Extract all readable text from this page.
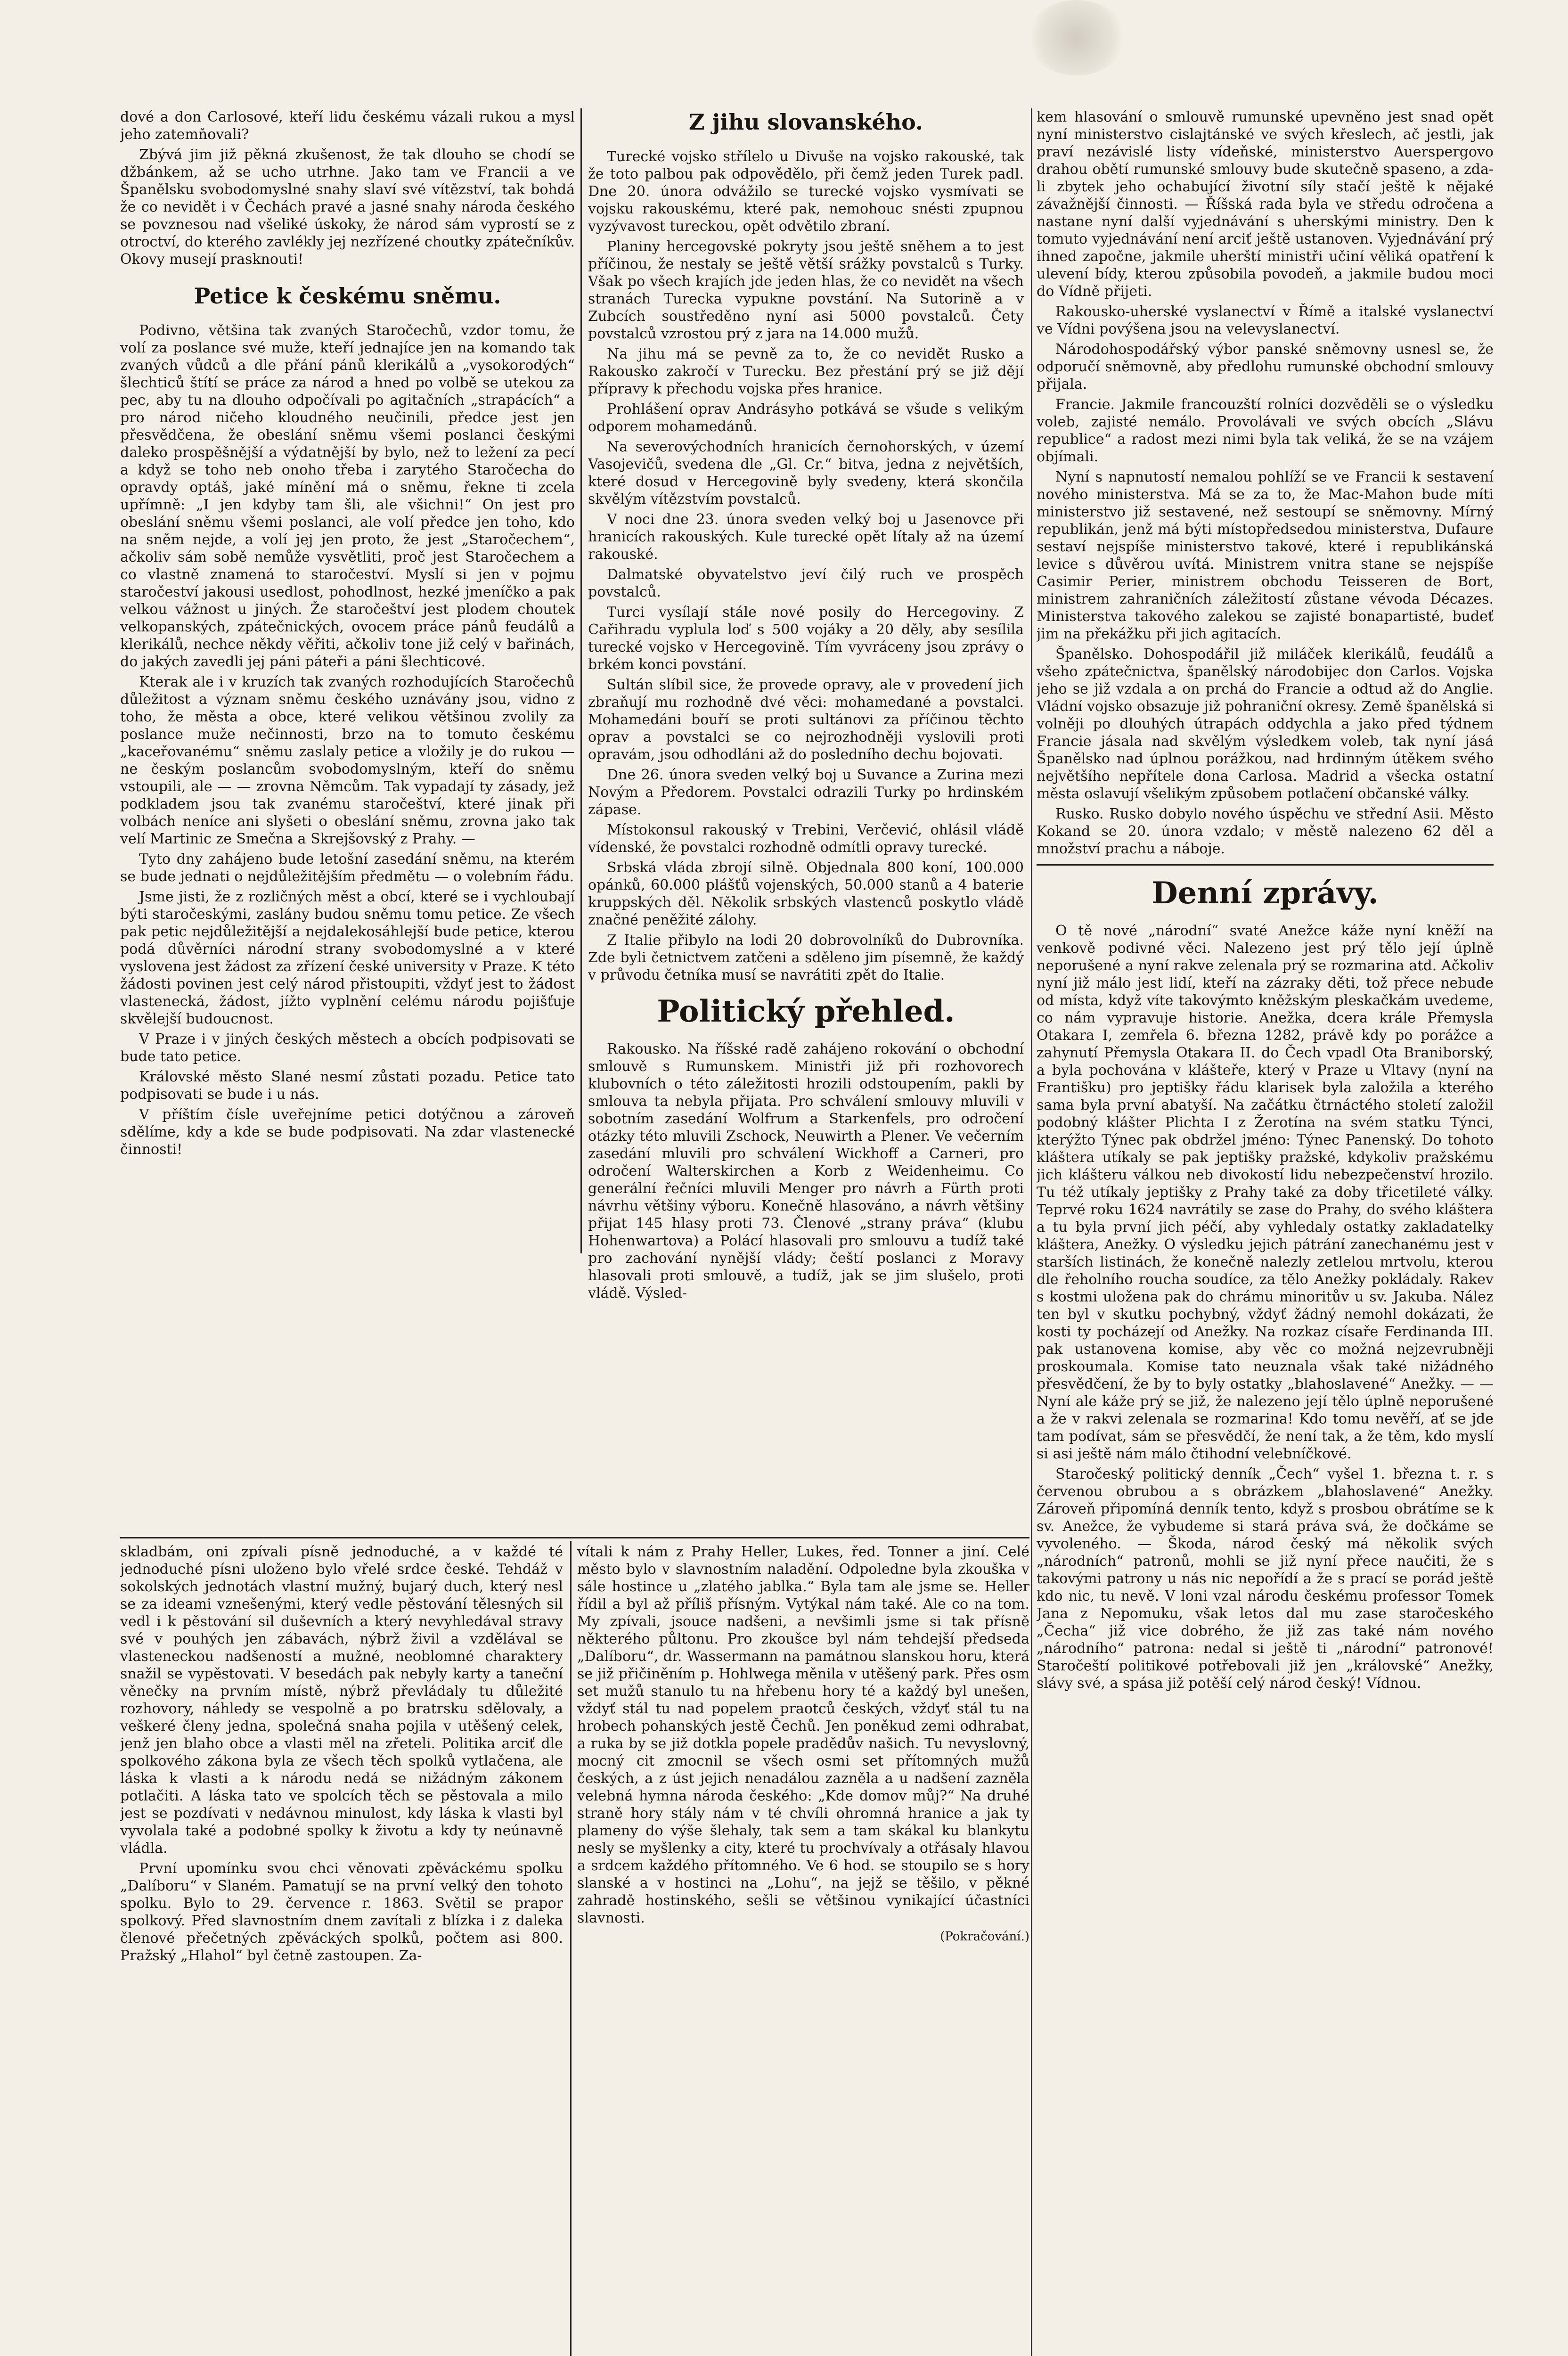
dové a don Carlosové, kteří lidu českému vázali rukou a mysl jeho zatemňovali?

Zbývá jim již pěkná zkušenost, že tak dlouho se chodí se džbánkem, až se ucho utrhne. Jako tam ve Francii a ve Španělsku svobodomyslné snahy slaví své vítězství, tak bohdá že co nevidět i v Čechách pravé a jasné snahy národa českého se povznesou nad všeliké úskoky, že národ sám vyprostí se z otroctví, do kterého zavlékly jej nezřízené choutky zpátečníkův. Okovy musejí prasknouti!

Petice k českému sněmu.

Podivno, většina tak zvaných Staročechů, vzdor tomu, že volí za poslance své muže, kteří jednajíce jen na komando tak zvaných vůdců a dle přání pánů klerikálů a „vysokorodých“ šlechticů štítí se práce za národ a hned po volbě se utekou za pec, aby tu na dlouho odpočívali po agitačních „strapácích“ a pro národ ničeho kloudného neučinili, předce jest jen přesvědčena, že obeslání sněmu všemi poslanci českými daleko prospěšnější a výdatnější by bylo, než to ležení za pecí a když se toho neb onoho třeba i zarytého Staročecha do opravdy optáš, jaké mínění má o sněmu, řekne ti zcela upřímně: „I jen kdyby tam šli, ale všichni!“ On jest pro obeslání sněmu všemi poslanci, ale volí předce jen toho, kdo na sněm nejde, a volí jej jen proto, že jest „Staročechem“, ačkoliv sám sobě nemůže vysvětliti, proč jest Staročechem a co vlastně znamená to staročeství. Myslí si jen v pojmu staročeství jakousi usedlost, pohodlnost, hezké jmeníčko a pak velkou vážnost u jiných. Že staročeštví jest plodem choutek velkopanských, zpátečnických, ovocem práce pánů feudálů a klerikálů, nechce někdy věřiti, ačkoliv tone již celý v bařinách, do jakých zavedli jej páni páteři a páni šlechticové.

Kterak ale i v kruzích tak zvaných rozhodujících Staročechů důležitost a význam sněmu českého uznávány jsou, vidno z toho, že města a obce, které velikou většinou zvolily za poslance muže nečinnosti, brzo na to tomuto českému „kaceřovanému“ sněmu zaslaly petice a vložily je do rukou — ne českým poslancům svobodomyslným, kteří do sněmu vstoupili, ale — — zrovna Němcům. Tak vypadají ty zásady, jež podkladem jsou tak zvanému staročeštví, které jinak při volbách neníce ani slyšeti o obeslání sněmu, zrovna jako tak velí Martinic ze Smečna a Skrejšovský z Prahy. —

Tyto dny zahájeno bude letošní zasedání sněmu, na kterém se bude jednati o nejdůležitějším předmětu — o volebním řádu.

Jsme jisti, že z rozličných měst a obcí, které se i vychloubají býti staročeskými, zaslány budou sněmu tomu petice. Ze všech pak petic nejdůležitější a nejdalekosáhlejší bude petice, kterou podá důvěrníci národní strany svobodomyslné a v které vyslovena jest žádost za zřízení české university v Praze. K této žádosti povinen jest celý národ přistoupiti, vždyť jest to žádost vlastenecká, žádost, jížto vyplnění celému národu pojišťuje skvělejší budoucnost.

V Praze i v jiných českých městech a obcích podpisovati se bude tato petice.

Královské město Slané nesmí zůstati pozadu. Petice tato podpisovati se bude i u nás.

V příštím čísle uveřejníme petici dotýčnou a zároveň sdělíme, kdy a kde se bude podpisovati. Na zdar vlastenecké činnosti!

Z jihu slovanského.

Turecké vojsko střílelo u Divuše na vojsko rakouské, tak že toto palbou pak odpovědělo, při čemž jeden Turek padl. Dne 20. února odvážilo se turecké vojsko vysmívati se vojsku rakouskému, které pak, nemohouc snésti zpupnou vyzývavost tureckou, opět odvětilo zbraní.

Planiny hercegovské pokryty jsou ještě sněhem a to jest příčinou, že nestaly se ještě větší srážky povstalců s Turky. Však po všech krajích jde jeden hlas, že co nevidět na všech stranách Turecka vypukne povstání. Na Sutorině a v Zubcích soustředěno nyní asi 5000 povstalců. Čety povstalců vzrostou prý z jara na 14.000 mužů.

Na jihu má se pevně za to, že co nevidět Rusko a Rakousko zakročí v Turecku. Bez přestání prý se již dějí přípravy k přechodu vojska přes hranice.

Prohlášení oprav Andrásyho potkává se všude s velikým odporem mohamedánů.

Na severovýchodních hranicích černohorských, v území Vasojevičů, svedena dle „Gl. Cr.“ bitva, jedna z největších, které dosud v Hercegovině byly svedeny, která skončila skvělým vítězstvím povstalců.

V noci dne 23. února sveden velký boj u Jasenovce při hranicích rakouských. Kule turecké opět lítaly až na území rakouské.

Dalmatské obyvatelstvo jeví čilý ruch ve prospěch povstalců.

Turci vysílají stále nové posily do Hercegoviny. Z Cařihradu vyplula loď s 500 vojáky a 20 děly, aby sesílila turecké vojsko v Hercegovině. Tím vyvráceny jsou zprávy o brkém konci povstání.

Sultán slíbil sice, že provede opravy, ale v provedení jich zbraňují mu rozhodně dvé věci: mohamedané a povstalci. Mohamedáni bouří se proti sultánovi za příčinou těchto oprav a povstalci se co nejrozhodněji vyslovili proti opravám, jsou odhodláni až do posledního dechu bojovati.

Dne 26. února sveden velký boj u Suvance a Zurina mezi Novým a Předorem. Povstalci odrazili Turky po hrdinském zápase.

Místokonsul rakouský v Trebini, Verčević, ohlásil vládě vídenské, že povstalci rozhodně odmítli opravy turecké.

Srbská vláda zbrojí silně. Objednala 800 koní, 100.000 opánků, 60.000 plášťů vojenských, 50.000 stanů a 4 baterie kruppských děl. Několik srbských vlastenců poskytlo vládě značné peněžité zálohy.

Z Italie přibylo na lodi 20 dobrovolníků do Dubrovníka. Zde byli četnictvem zatčeni a sděleno jim písemně, že každý v průvodu četníka musí se navrátiti zpět do Italie.

Politický přehled.

Rakousko. Na říšské radě zahájeno rokování o obchodní smlouvě s Rumunskem. Ministři již při rozhovorech klubovních o této záležitosti hrozili odstoupením, pakli by smlouva ta nebyla přijata. Pro schválení smlouvy mluvili v sobotním zasedání Wolfrum a Starkenfels, pro odročení otázky této mluvili Zschock, Neuwirth a Plener. Ve večerním zasedání mluvili pro schválení Wickhoff a Carneri, pro odročení Walterskirchen a Korb z Weidenheimu. Co generální řečníci mluvili Menger pro návrh a Fürth proti návrhu většiny výboru. Konečně hlasováno, a návrh většiny přijat 145 hlasy proti 73. Členové „strany práva“ (klubu Hohenwartova) a Polácí hlasovali pro smlouvu a tudíž také pro zachování nynější vlády; čeští poslanci z Moravy hlasovali proti smlouvě, a tudíž, jak se jim slušelo, proti vládě. Výsled-

kem hlasování o smlouvě rumunské upevněno jest snad opět nyní ministerstvo cislajtánské ve svých křeslech, ač jestli, jak praví nezávislé listy vídeňské, ministerstvo Auerspergovo drahou obětí rumunské smlouvy bude skutečně spaseno, a zda-li zbytek jeho ochabující životní síly stačí ještě k nějaké závažnější činnosti. — Říšská rada byla ve středu odročena a nastane nyní další vyjednávání s uherskými ministry. Den k tomuto vyjednávání není arciť ještě ustanoven. Vyjednávání prý ihned započne, jakmile uherští ministři učiní věliká opatření k ulevení bídy, kterou způsobila povodeň, a jakmile budou moci do Vídně přijeti.

Rakousko-uherské vyslanectví v Římě a italské vyslanectví ve Vídni povýšena jsou na velevyslanectví.

Národohospodářský výbor panské sněmovny usnesl se, že odporučí sněmovně, aby předlohu rumunské obchodní smlouvy přijala.

Francie. Jakmile francouzští rolníci dozvěděli se o výsledku voleb, zajisté nemálo. Provolávali ve svých obcích „Slávu republice“ a radost mezi nimi byla tak veliká, že se na vzájem objímali.

Nyní s napnutostí nemalou pohlíží se ve Francii k sestavení nového ministerstva. Má se za to, že Mac-Mahon bude míti ministerstvo již sestavené, než sestoupí se sněmovny. Mírný republikán, jenž má býti místopředsedou ministerstva, Dufaure sestaví nejspíše ministerstvo takové, které i republikánská levice s důvěrou uvítá. Ministrem vnitra stane se nejspíše Casimir Perier, ministrem obchodu Teisseren de Bort, ministrem zahraničních záležitostí zůstane vévoda Décazes. Ministerstva takového zalekou se zajisté bonapartisté, budeť jim na překážku při jich agitacích.

Španělsko. Dohospodářil již miláček klerikálů, feudálů a všeho zpátečnictva, španělský národobijec don Carlos. Vojska jeho se již vzdala a on prchá do Francie a odtud až do Anglie. Vládní vojsko obsazuje již pohraniční okresy. Země španělská si volněji po dlouhých útrapách oddychla a jako před týdnem Francie jásala nad skvělým výsledkem voleb, tak nyní jásá Španělsko nad úplnou porážkou, nad hrdinným útěkem svého největšího nepřítele dona Carlosa. Madrid a všecka ostatní města oslavují všelikým způsobem potlačení občanské války.

Rusko. Rusko dobylo nového úspěchu ve střední Asii. Město Kokand se 20. února vzdalo; v městě nalezeno 62 děl a množství prachu a náboje.

Denní zprávy.

O tě nové „národní“ svaté Anežce káže nyní kněží na venkově podivné věci. Nalezeno jest prý tělo její úplně neporušené a nyní rakve zelenala prý se rozmarina atd. Ačkoliv nyní již málo jest lidí, kteří na zázraky děti, tož přece nebude od místa, když víte takovýmto kněžským pleskačkám uvedeme, co nám vypravuje historie. Anežka, dcera krále Přemysla Otakara I, zemřela 6. března 1282, právě kdy po porážce a zahynutí Přemysla Otakara II. do Čech vpadl Ota Braniborský, a byla pochována v klášteře, který v Praze u Vltavy (nyní na Františku) pro jeptišky řádu klarisek byla založila a kterého sama byla první abatyší. Na začátku čtrnáctého století založil podobný klášter Plichta I z Žerotína na svém statku Týnci, kterýžto Týnec pak obdržel jméno: Týnec Panenský. Do tohoto kláštera utíkaly se pak jeptišky pražské, kdykoliv pražskému jich klášteru válkou neb divokostí lidu nebezpečenství hrozilo. Tu též utíkaly jeptišky z Prahy také za doby třicetileté války. Teprvé roku 1624 navrátily se zase do Prahy, do svého kláštera a tu byla první jich péčí, aby vyhledaly ostatky zakladatelky kláštera, Anežky. O výsledku jejich pátrání zanechanému jest v starších listinách, že konečně nalezly zetlelou mrtvolu, kterou dle řeholního roucha soudíce, za tělo Anežky pokládaly. Rakev s kostmi uložena pak do chrámu minoritův u sv. Jakuba. Nález ten byl v skutku pochybný, vždyť žádný nemohl dokázati, že kosti ty pocházejí od Anežky. Na rozkaz císaře Ferdinanda III. pak ustanovena komise, aby věc co možná nejzevrubněji proskoumala. Komise tato neuznala však také nižádného přesvědčení, že by to byly ostatky „blahoslavené“ Anežky. — — Nyní ale káže prý se již, že nalezeno její tělo úplně neporušené a že v rakvi zelenala se rozmarina! Kdo tomu nevěří, ať se jde tam podívat, sám se přesvědčí, že není tak, a že těm, kdo myslí si asi ještě nám málo čtihodní velebníčkové.

Staročeský politický denník „Čech“ vyšel 1. března t. r. s červenou obrubou a s obrázkem „blahoslavené“ Anežky. Zároveň připomíná denník tento, když s prosbou obrátíme se k sv. Anežce, že vybudeme si stará práva svá, že dočkáme se vyvoleného. — Škoda, národ český má několik svých „národních“ patronů, mohli se již nyní přece naučiti, že s takovými patrony u nás nic nepořídí a že s prací se porád ještě kdo nic, tu nevě. V loni vzal národu českému professor Tomek Jana z Nepomuku, však letos dal mu zase staročeského „Čecha“ již vice dobrého, že již zas také nám nového „národního“ patrona: nedal si ještě ti „národní“ patronové! Staročeští politikové potřebovali již jen „královské“ Anežky, slávy své, a spása již potěší celý národ český! Vídnou.

skladbám, oni zpívali písně jednoduché, a v každé té jednoduché písni uloženo bylo vřelé srdce české. Tehdáž v sokolských jednotách vlastní mužný, bujarý duch, který nesl se za ideami vznešenými, který vedle pěstování tělesných sil vedl i k pěstování sil duševních a který nevyhledával stravy své v pouhých jen zábavách, nýbrž živil a vzdělával se vlasteneckou nadšeností a mužné, neoblomné charaktery snažil se vypěstovati. V besedách pak nebyly karty a taneční věnečky na prvním místě, nýbrž převládaly tu důležité rozhovory, náhledy se vespolně a po bratrsku sdělovaly, a veškeré členy jedna, společná snaha pojila v utěšený celek, jenž jen blaho obce a vlasti měl na zřeteli. Politika arciť dle spolkového zákona byla ze všech těch spolků vytlačena, ale láska k vlasti a k národu nedá se nižádným zákonem potlačiti. A láska tato ve spolcích těch se pěstovala a milo jest se pozdívati v nedávnou minulost, kdy láska k vlasti byl vyvolala také a podobné spolky k životu a kdy ty neúnavně vládla.

První upomínku svou chci věnovati zpěváckému spolku „Dalíboru“ v Slaném. Pamatují se na první velký den tohoto spolku. Bylo to 29. července r. 1863. Světil se prapor spolkový. Před slavnostním dnem zavítali z blízka i z daleka členové přečetných zpěváckých spolků, počtem asi 800. Pražský „Hlahol“ byl četně zastoupen. Za-

vítali k nám z Prahy Heller, Lukes, řed. Tonner a jiní. Celé město bylo v slavnostním naladění. Odpoledne byla zkouška v sále hostince u „zlatého jablka.“ Byla tam ale jsme se. Heller řídil a byl až příliš přísným. Vytýkal nám také. Ale co na tom. My zpívali, jsouce nadšeni, a nevšimli jsme si tak přísně některého půltonu. Pro zkoušce byl nám tehdejší předseda „Dalíboru“, dr. Wassermann na památnou slanskou horu, která se již přičiněním p. Hohlwega měnila v utěšený park. Přes osm set mužů stanulo tu na hřebenu hory té a každý byl unešen, vždyť stál tu nad popelem praotců českých, vždyť stál tu na hrobech pohanských jestě Čechů. Jen poněkud zemi odhrabat, a ruka by se již dotkla popele pradědův našich. Tu nevyslovný, mocný cit zmocnil se všech osmi set přítomných mužů českých, a z úst jejich nenadálou zazněla a u nadšení zazněla velebná hymna národa českého: „Kde domov můj?“ Na druhé straně hory stály nám v té chvíli ohromná hranice a jak ty plameny do výše šlehaly, tak sem a tam skákal ku blankytu nesly se myšlenky a city, které tu prochvívaly a otřásaly hlavou a srdcem každého přítomného. Ve 6 hod. se stoupilo se s hory slanské a v hostinci na „Lohu“, na jejž se těšilo, v pěkné zahradě hostinského, sešli se většinou vynikající účastníci slavnosti.

(Pokračování.)
